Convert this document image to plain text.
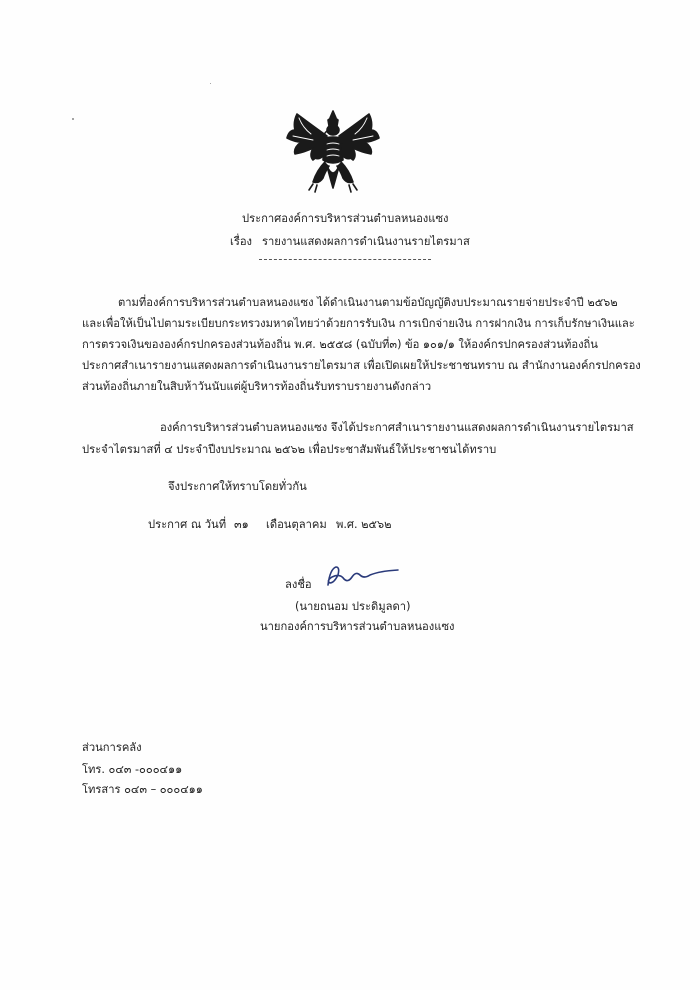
ประกาศองค์การบริหารส่วนตำบลหนองแซง
เรื่อง รายงานแสดงผลการดำเนินงานรายไตรมาส
ตามที่องค์การบริหารส่วนตำบลหนองแซง ได้ดำเนินงานตามข้อบัญญัติงบประมาณรายจ่ายประจำปี ๒๕๖๒
และเพื่อให้เป็นไปตามระเบียบกระทรวงมหาดไทยว่าด้วยการรับเงิน การเบิกจ่ายเงิน การฝากเงิน การเก็บรักษาเงินและ
การตรวจเงินขององค์กรปกครองส่วนท้องถิ่น พ.ศ. ๒๕๕๘ (ฉบับที่๓) ข้อ ๑๐๑/๑ ให้องค์กรปกครองส่วนท้องถิ่น
ประกาศสำเนารายงานแสดงผลการดำเนินงานรายไตรมาส เพื่อเปิดเผยให้ประชาชนทราบ ณ สำนักงานองค์กรปกครอง
ส่วนท้องถิ่นภายในสิบห้าวันนับแต่ผู้บริหารท้องถิ่นรับทราบรายงานดังกล่าว
องค์การบริหารส่วนตำบลหนองแซง จึงได้ประกาศสำเนารายงานแสดงผลการดำเนินงานรายไตรมาส
ประจำไตรมาสที่ ๔ ประจำปีงบประมาณ ๒๕๖๒ เพื่อประชาสัมพันธ์ให้ประชาชนได้ทราบ
จึงประกาศให้ทราบโดยทั่วกัน
ประกาศ ณ วันที่ ๓๑ เดือนตุลาคม พ.ศ. ๒๕๖๒
ลงชื่อ
(นายถนอม ประดิมูลดา)
นายกองค์การบริหารส่วนตำบลหนองแซง
ส่วนการคลัง
โทร. ๐๔๓ -๐๐๐๔๑๑
โทรสาร ๐๔๓ – ๐๐๐๔๑๑
